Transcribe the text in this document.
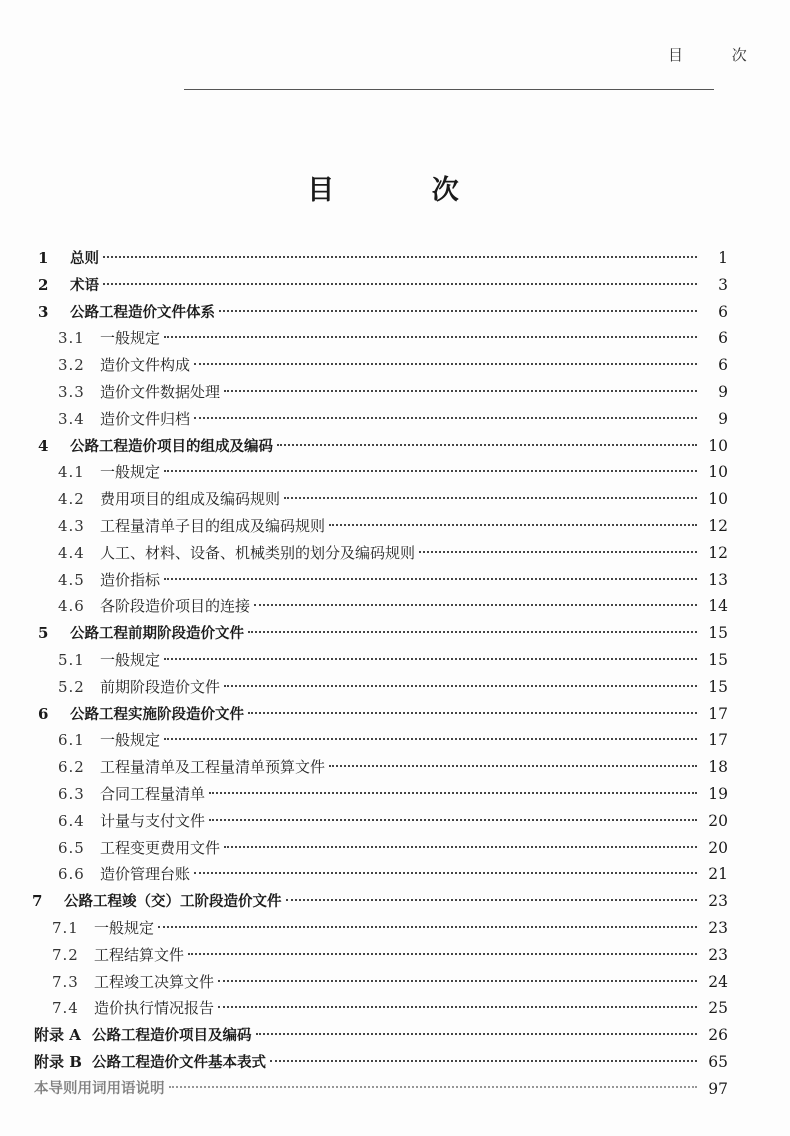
目 次
目 次
1	总则	1
2	术语	3
3	公路工程造价文件体系	6
3.1	一般规定	6
3.2	造价文件构成	6
3.3	造价文件数据处理	9
3.4	造价文件归档	9
4	公路工程造价项目的组成及编码	10
4.1	一般规定	10
4.2	费用项目的组成及编码规则	10
4.3	工程量清单子目的组成及编码规则	12
4.4	人工、材料、设备、机械类别的划分及编码规则	12
4.5	造价指标	13
4.6	各阶段造价项目的连接	14
5	公路工程前期阶段造价文件	15
5.1	一般规定	15
5.2	前期阶段造价文件	15
6	公路工程实施阶段造价文件	17
6.1	一般规定	17
6.2	工程量清单及工程量清单预算文件	18
6.3	合同工程量清单	19
6.4	计量与支付文件	20
6.5	工程变更费用文件	20
6.6	造价管理台账	21
7	公路工程竣（交）工阶段造价文件	23
7.1	一般规定	23
7.2	工程结算文件	23
7.3	工程竣工决算文件	24
7.4	造价执行情况报告	25
附录 A 公路工程造价项目及编码	26
附录 B 公路工程造价文件基本表式	65
本导则用词用语说明	97
